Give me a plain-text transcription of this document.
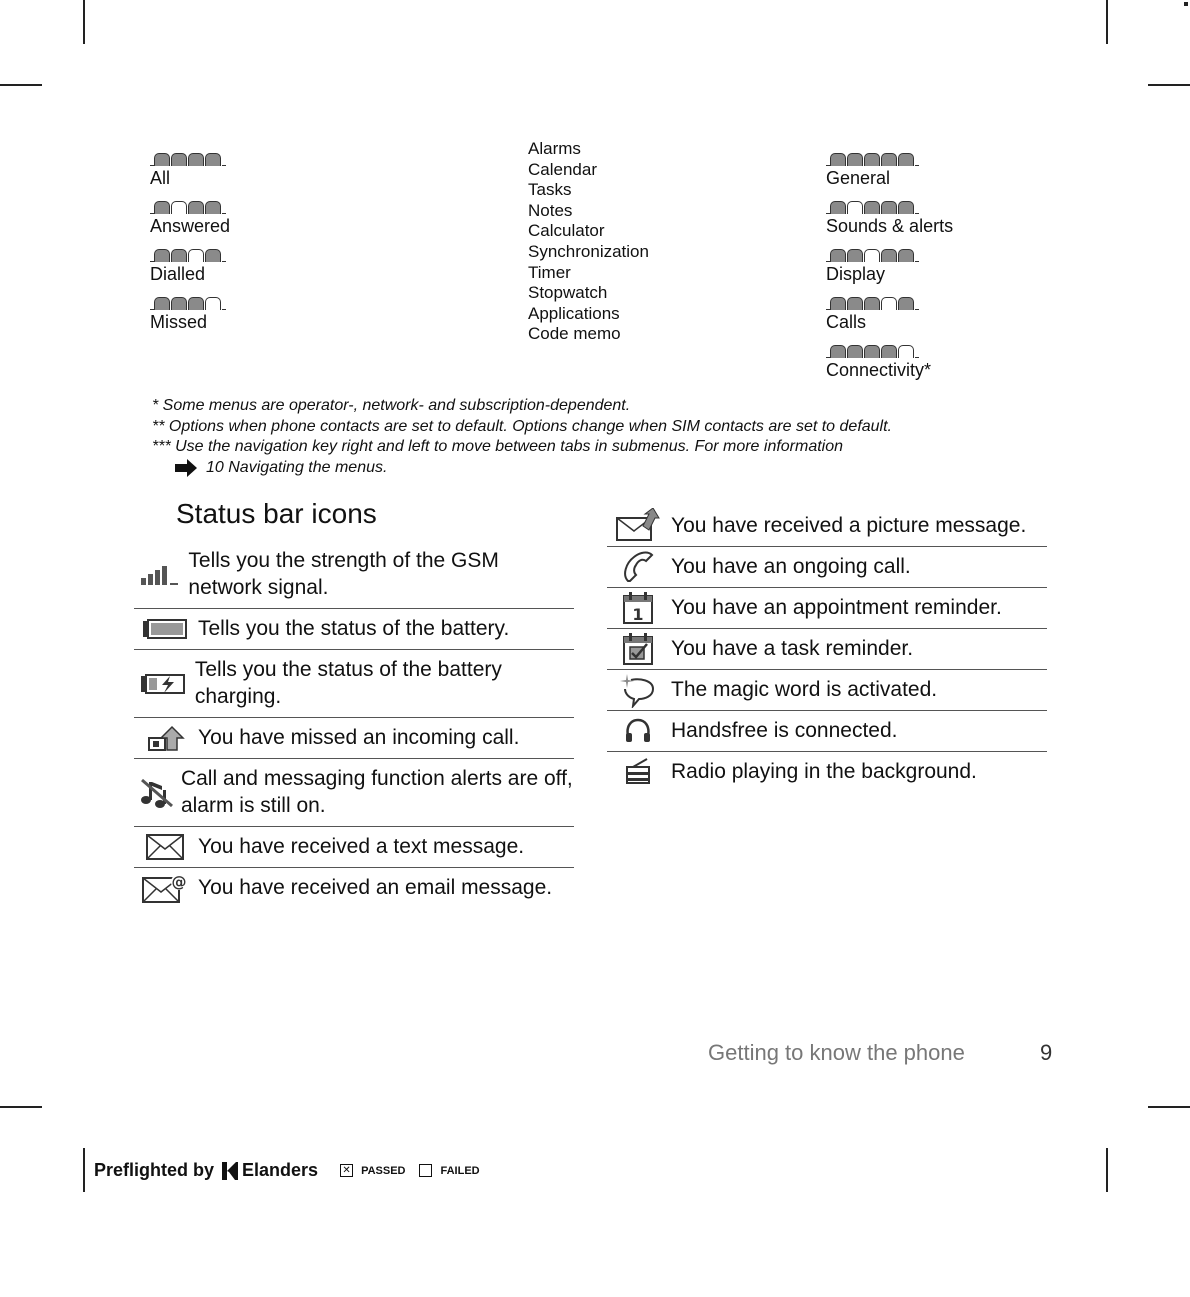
All
Answered
Dialled
Missed
Alarms
Calendar
Tasks
Notes
Calculator
Synchronization
Timer
Stopwatch
Applications
Code memo
General
Sounds & alerts
Display
Calls
Connectivity*
* Some menus are operator-, network- and subscription-dependent.
** Options when phone contacts are set to default. Options change when SIM contacts are set to default.
*** Use the navigation key right and left to move between tabs in submenus. For more information
10 Navigating the menus.
Status bar icons
Tells you the strength of the GSM network signal.
Tells you the status of the battery.
Tells you the status of the battery charging.
You have missed an incoming call.
Call and messaging function alerts are off, alarm is still on.
You have received a text message.
@ You have received an email message.
You have received a picture message.
You have an ongoing call.
1 You have an appointment reminder.
You have a task reminder.
The magic word is activated.
Handsfree is connected.
Radio playing in the background.
Getting to know the phone	9
Preflighted by Elanders ✕ PASSED	FAILED
